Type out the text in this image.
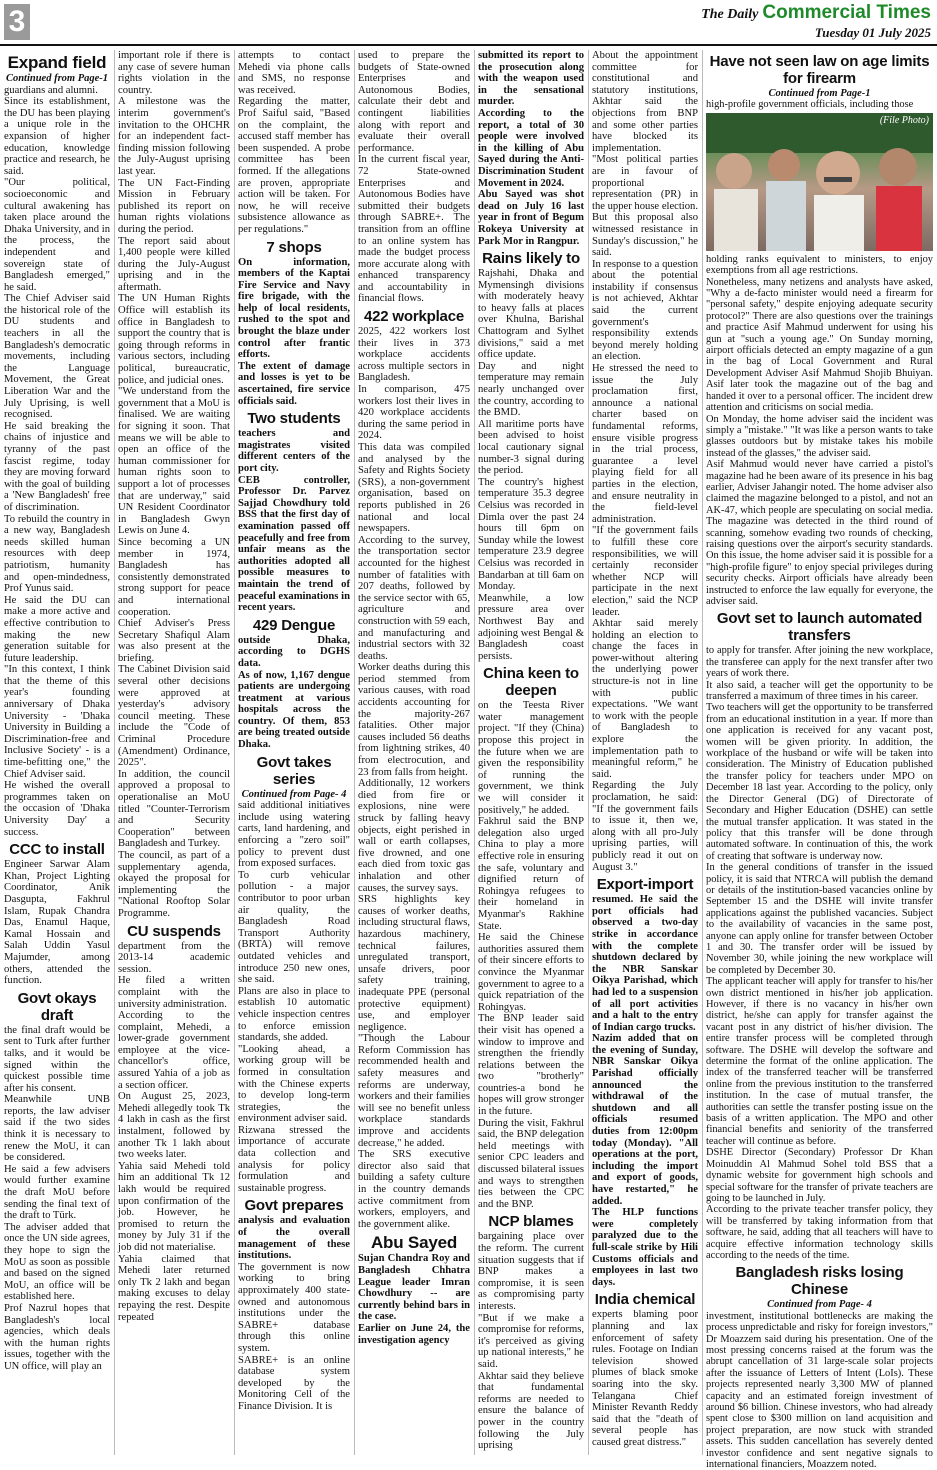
3	The Daily Commercial Times
Tuesday 01 July 2025
Expand field

Continued from Page-1

guardians and alumni.

Since its establishment, the DU has been playing a unique role in the expansion of higher education, knowledge practice and research, he said.

"Our political, socioeconomic and cultural awakening has taken place around the Dhaka University, and in the process, the independent and sovereign state of Bangladesh emerged," he said.

The Chief Adviser said the historical role of the DU students and teachers in all the Bangladesh's democratic movements, including the Language Movement, the Great Liberation War and the July Uprising, is well recognised.

He said breaking the chains of injustice and tyranny of the past fascist regime, today they are moving forward with the goal of building a 'New Bangladesh' free of discrimination.

To rebuild the country in a new way, Bangladesh needs skilled human resources with deep patriotism, humanity and open-mindedness, Prof Yunus said.

He said the DU can make a more active and effective contribution to making the new generation suitable for future leadership.

"In this context, I think that the theme of this year's founding anniversary of Dhaka University - 'Dhaka University in Building a Discrimination-free and Inclusive Society' - is a time-befitting one," the Chief Adviser said.

He wished the overall programmes taken on the occasion of 'Dhaka University Day' a success.

CCC to install

Engineer Sarwar Alam Khan, Project Lighting Coordinator, Anik Dasgupta, Fakhrul Islam, Rupak Chandra Das, Enamul Haque, Kamal Hossain and Salah Uddin Yasul Majumder, among others, attended the function.

Govt okays draft

the final draft would be sent to Turk after further talks, and it would be signed within the quickest possible time after his consent.

Meanwhile UNB reports, the law adviser said if the two sides think it is necessary to renew the MoU, it can be considered.

He said a few advisers would further examine the draft MoU before sending the final text of the draft to Türk.

The adviser added that once the UN side agrees, they hope to sign the MoU as soon as possible and based on the signed MoU, an office will be established here.

Prof Nazrul hopes that Bangladesh's local agencies, which deals with the human rights issues, together with the UN office, will play an

important role if there is any case of severe human rights violation in the country.

A milestone was the interim government's invitation to the OHCHR for an independent fact-finding mission following the July-August uprising last year.

The UN Fact-Finding Mission in February published its report on human rights violations during the period.

The report said about 1,400 people were killed during the July-August uprising and in the aftermath.

The UN Human Rights Office will establish its office in Bangladesh to support the country that is going through reforms in various sectors, including political, bureaucratic, police, and judicial ones.

"We understand from the government that a MoU is finalised. We are waiting for signing it soon. That means we will be able to open an office of the human commissioner for human rights soon to support a lot of processes that are underway," said UN Resident Coordinator in Bangladesh Gwyn Lewis on June 4.

Since becoming a UN member in 1974, Bangladesh has consistently demonstrated strong support for peace and international cooperation.

Chief Adviser's Press Secretary Shafiqul Alam was also present at the briefing.

The Cabinet Division said several other decisions were approved at yesterday's advisory council meeting. These include the "Code of Criminal Procedure (Amendment) Ordinance, 2025".

In addition, the council approved a proposal to operationalise an MoU titled "Counter-Terrorism and Security Cooperation" between Bangladesh and Turkey.

The council, as part of a supplementary agenda, okayed the proposal for implementing the "National Rooftop Solar Programme.

CU suspends

department from the 2013-14 academic session.

He filed a written complaint with the university administration.

According to the complaint, Mehedi, a lower-grade government employee at the vice-chancellor's office, assured Yahia of a job as a section officer.

On August 25, 2023, Mehedi allegedly took Tk 4 lakh in cash as the first instalment, followed by another Tk 1 lakh about two weeks later.

Yahia said Mehedi told him an additional Tk 12 lakh would be required upon confirmation of the job. However, he promised to return the money by July 31 if the job did not materialise.

Yahia claimed that Mehedi later returned only Tk 2 lakh and began making excuses to delay repaying the rest. Despite repeated

attempts to contact Mehedi via phone calls and SMS, no response was received.

Regarding the matter, Prof Saiful said, "Based on the complaint, the accused staff member has been suspended. A probe committee has been formed. If the allegations are proven, appropriate action will be taken. For now, he will receive subsistence allowance as per regulations."

7 shops

On information, members of the Kaptai Fire Service and Navy fire brigade, with the help of local residents, rushed to the spot and brought the blaze under control after frantic efforts.

The extent of damage and losses is yet to be ascertained, fire service officials said.

Two students

teachers and magistrates visited different centers of the port city.

CEB controller, Professor Dr. Parvez Sajjad Chowdhury told BSS that the first day of examination passed off peacefully and free from unfair means as the authorities adopted all possible measures to maintain the trend of peaceful examinations in recent years.

429 Dengue

outside Dhaka, according to DGHS data.

As of now, 1,167 dengue patients are undergoing treatment at various hospitals across the country. Of them, 853 are being treated outside Dhaka.

Govt takes series

Continued from Page- 4

said additional initiatives include using watering carts, land hardening, and enforcing a "zero soil" policy to prevent dust from exposed surfaces.

To curb vehicular pollution - a major contributor to poor urban air quality, the Bangladesh Road Transport Authority (BRTA) will remove outdated vehicles and introduce 250 new ones, she said.

Plans are also in place to establish 10 automatic vehicle inspection centres to enforce emission standards, she added.

"Looking ahead, a working group will be formed in consultation with the Chinese experts to develop long-term strategies, the environment adviser said.

Rizwana stressed the importance of accurate data collection and analysis for policy formulation and sustainable progress.

Govt prepares

analysis and evaluation of the overall management of these institutions.

The government is now working to bring approximately 400 state-owned and autonomous institutions under the SABRE+ database through this online system.

SABRE+ is an online database system developed by the Monitoring Cell of the Finance Division. It is

used to prepare the budgets of State-owned Enterprises and Autonomous Bodies, calculate their debt and contingent liabilities along with report and evaluate their overall performance.

In the current fiscal year, 72 State-owned Enterprises and Autonomous Bodies have submitted their budgets through SABRE+. The transition from an offline to an online system has made the budget process more accurate along with enhanced transparency and accountability in financial flows.

422 workplace

2025, 422 workers lost their lives in 373 workplace accidents across multiple sectors in Bangladesh.

In comparison, 475 workers lost their lives in 420 workplace accidents during the same period in 2024.

This data was compiled and analysed by the Safety and Rights Society (SRS), a non-government organisation, based on reports published in 26 national and local newspapers.

According to the survey, the transportation sector accounted for the highest number of fatalities with 207 deaths, followed by the service sector with 65, agriculture and construction with 59 each, and manufacturing and industrial sectors with 32 deaths.

Worker deaths during this period stemmed from various causes, with road accidents accounting for the majority-267 fatalities. Other major causes included 56 deaths from lightning strikes, 40 from electrocution, and 23 from falls from height.

Additionally, 12 workers died from fire or explosions, nine were struck by falling heavy objects, eight perished in wall or earth collapses, five drowned, and one each died from toxic gas inhalation and other causes, the survey says.

SRS highlights key causes of worker deaths, including structural flaws, hazardous machinery, technical failures, unregulated transport, unsafe drivers, poor safety training, inadequate PPE (personal protective equipment) use, and employer negligence.

"Though the Labour Reform Commission has recommended health and safety measures and reforms are underway, workers and their families will see no benefit unless workplace standards improve and accidents decrease," he added.

The SRS executive director also said that building a safety culture in the country demands active commitment from workers, employers, and the government alike.

Abu Sayed

Sujan Chandra Roy and Bangladesh Chhatra League leader Imran Chowdhury -- are currently behind bars in the case.

Earlier on June 24, the investigation agency

submitted its report to the prosecution along with the weapon used in the sensational murder.

According to the report, a total of 30 people were involved in the killing of Abu Sayed during the Anti-Discrimination Student Movement in 2024.

Abu Sayed was shot dead on July 16 last year in front of Begum Rokeya University at Park Mor in Rangpur.

Rains likely to

Rajshahi, Dhaka and Mymensingh divisions with moderately heavy to heavy falls at places over Khulna, Barishal Chattogram and Sylhet divisions," said a met office update.

Day and night temperature may remain nearly unchanged over the country, according to the BMD.

All maritime ports have been advised to hoist local cautionary signal number-3 signal during the period.

The country's highest temperature 35.3 degree Celsius was recorded in Dimla over the past 24 hours till 6pm on Sunday while the lowest temperature 23.9 degree Celsius was recorded in Bandarban at till 6am on Monday.

Meanwhile, a low pressure area over Northwest Bay and adjoining west Bengal & Bangladesh coast persists.

China keen to deepen

on the Teesta River water management project. "If they (China) propose this project in the future when we are given the responsibility of running the government, we think we will consider it positively," he added.

Fakhrul said the BNP delegation also urged China to play a more effective role in ensuring the safe, voluntary and dignified return of Rohingya refugees to their homeland in Myanmar's Rakhine State.

He said the Chinese authorities assured them of their sincere efforts to convince the Myanmar government to agree to a quick repatriation of the Rohingyas.

The BNP leader said their visit has opened a window to improve and strengthen the friendly relations between the two "brotherly" countries-a bond he hopes will grow stronger in the future.

During the visit, Fakhrul said, the BNP delegation held meetings with senior CPC leaders and discussed bilateral issues and ways to strengthen ties between the CPC and the BNP.

NCP blames

bargaining place over the reform. The current situation suggests that if BNP makes a compromise, it is seen as compromising party interests.

"But if we make a compromise for reforms, it's perceived as giving up national interests," he said.

Akhtar said they believe that fundamental reforms are needed to ensure the balance of power in the country following the July uprising

About the appointment committee for constitutional and statutory institutions, Akhtar said the objections from BNP and some other parties have blocked its implementation.

"Most political parties are in favour of proportional representation (PR) in the upper house election. But this proposal also witnessed resistance in Sunday's discussion," he said.

In response to a question about the potential instability if consensus is not achieved, Akhtar said the current government's responsibility extends beyond merely holding an election.

He stressed the need to issue the July proclamation first, announce a national charter based on fundamental reforms, ensure visible progress in the trial process, guarantee a level playing field for all parties in the election, and ensure neutrality in the field-level administration.

"If the government fails to fulfill these core responsibilities, we will certainly reconsider whether NCP will participate in the next election," said the NCP leader.

Akhtar said merely holding an election to change the faces in power-without altering the underlying power structure-is not in line with public expectations. "We want to work with the people of Bangladesh to explore the implementation path to meaningful reform," he said.

Regarding the July proclamation, he said: "If the government fails to issue it, then we, along with all pro-July uprising parties, will publicly read it out on August 3."

Export-import

resumed. He said the port officials had observed a two-day strike in accordance with the complete shutdown declared by the NBR Sanskar Oikya Parishad, which had led to a suspension of all port activities and a halt to the entry of Indian cargo trucks.

Nazim added that on the evening of Sunday, NBR Sanskar Oikya Parishad officially announced the withdrawal of the shutdown and all officials resumed duties from 12:00pm today (Monday). "All operations at the port, including the import and export of goods, have restarted," he added.

The HLP functions were completely paralyzed due to the full-scale strike by Hili Customs officials and employees in last two days.

India chemical

experts blaming poor planning and lax enforcement of safety rules. Footage on Indian television showed plumes of black smoke soaring into the sky. Telangana Chief Minister Revanth Reddy said that the "death of several people has caused great distress."

Have not seen law on age limits for firearm

Continued from Page-1

high-profile government officials, including those

(File Photo)

holding ranks equivalent to ministers, to enjoy exemptions from all age restrictions.

Nonetheless, many netizens and analysts have asked, "Why a de-facto minister would need a firearm for "personal safety," despite enjoying adequate security protocol?" There are also questions over the trainings and practice Asif Mahmud underwent for using his gun at "such a young age." On Sunday morning, airport officials detected an empty magazine of a gun in the bag of Local Government and Rural Development Adviser Asif Mahmud Shojib Bhuiyan. Asif later took the magazine out of the bag and handed it over to a personal officer. The incident drew attention and criticisms on social media.

On Monday, the home adviser said the incident was simply a "mistake." "It was like a person wants to take glasses outdoors but by mistake takes his mobile instead of the glasses," the adviser said.

Asif Mahmud would never have carried a pistol's magazine had he been aware of its presence in his bag earlier, Adviser Jahangir noted. The home adviser also claimed the magazine belonged to a pistol, and not an AK-47, which people are speculating on social media. The magazine was detected in the third round of scanning, somehow evading two rounds of checking, raising questions over the airport's security standards. On this issue, the home adviser said it is possible for a "high-profile figure" to enjoy special privileges during security checks. Airport officials have already been instructed to enforce the law equally for everyone, the adviser said.

Govt set to launch automated transfers

to apply for transfer. After joining the new workplace, the transferee can apply for the next transfer after two years of work there.

It also said, a teacher will get the opportunity to be transferred a maximum of three times in his career.

Two teachers will get the opportunity to be transferred from an educational institution in a year. If more than one application is received for any vacant post, women will be given priority. In addition, the workplace of the husband or wife will be taken into consideration. The Ministry of Education published the transfer policy for teachers under MPO on December 18 last year. According to the policy, only the Director General (DG) of Directorate of Secondary and Higher Education (DSHE) can settle the mutual transfer application. It was stated in the policy that this transfer will be done through automated software. In continuation of this, the work of creating that software is underway now.

In the general conditions of transfer in the issued policy, it is said that NTRCA will publish the demand or details of the institution-based vacancies online by September 15 and the DSHE will invite transfer applications against the published vacancies. Subject to the availability of vacancies in the same post, anyone can apply online for transfer between October 1 and 30. The transfer order will be issued by November 30, while joining the new workplace will be completed by December 30.

The applicant teacher will apply for transfer to his/her own district mentioned in his/her job application. However, if there is no vacancy in his/her own district, he/she can apply for transfer against the vacant post in any district of his/her division. The entire transfer process will be completed through software. The DSHE will develop the software and determine the format of the online application. The index of the transferred teacher will be transferred online from the previous institution to the transferred institution. In the case of mutual transfer, the authorities can settle the transfer posting issue on the basis of a written application. The MPO and other financial benefits and seniority of the transferred teacher will continue as before.

DSHE Director (Secondary) Professor Dr Khan Moinuddin Al Mahmud Sohel told BSS that a dynamic website for government high schools and special software for the transfer of private teachers are going to be launched in July.

According to the private teacher transfer policy, they will be transferred by taking information from that software, he said, adding that all teachers will have to acquire effective information technology skills according to the needs of the time.

Bangladesh risks losing Chinese

Continued from Page- 4

investment, institutional bottlenecks are making the process unpredictable and risky for foreign investors," Dr Moazzem said during his presentation. One of the most pressing concerns raised at the forum was the abrupt cancellation of 31 large-scale solar projects after the issuance of Letters of Intent (LoIs). These projects represented nearly 3,300 MW of planned capacity and an estimated foreign investment of around $6 billion. Chinese investors, who had already spent close to $300 million on land acquisition and project preparation, are now stuck with stranded assets. This sudden cancellation has severely dented investor confidence and sent negative signals to international financiers, Moazzem noted.
